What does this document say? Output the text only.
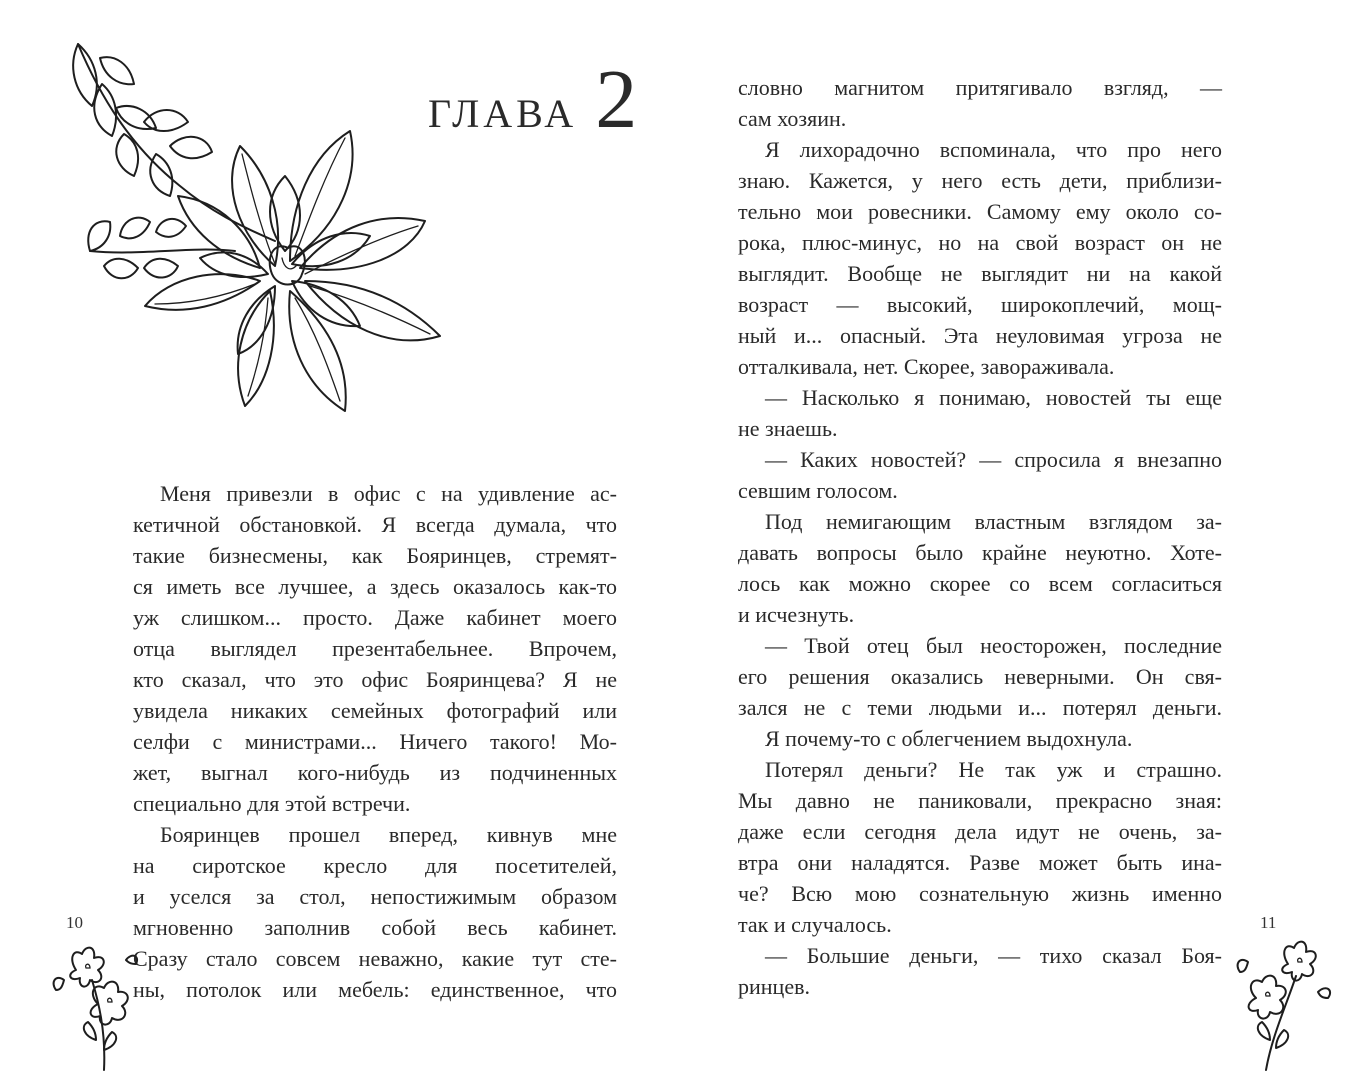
ГЛАВА 2
Меня привезли в офис с на удивление ас-
кетичной обстановкой. Я всегда думала, что
такие бизнесмены, как Бояринцев, стремят-
ся иметь все лучшее, а здесь оказалось как-то
уж слишком... просто. Даже кабинет моего
отца выглядел презентабельнее. Впрочем,
кто сказал, что это офис Бояринцева? Я не
увидела никаких семейных фотографий или
селфи с министрами... Ничего такого! Мо-
жет, выгнал кого-нибудь из подчиненных
специально для этой встречи.
Бояринцев прошел вперед, кивнув мне
на сиротское кресло для посетителей,
и уселся за стол, непостижимым образом
мгновенно заполнив собой весь кабинет.
Сразу стало совсем неважно, какие тут сте-
ны, потолок или мебель: единственное, что
10
словно магнитом притягивало взгляд, —
сам хозяин.
Я лихорадочно вспоминала, что про него
знаю. Кажется, у него есть дети, приблизи-
тельно мои ровесники. Самому ему около со-
рока, плюс-минус, но на свой возраст он не
выглядит. Вообще не выглядит ни на какой
возраст — высокий, широкоплечий, мощ-
ный и... опасный. Эта неуловимая угроза не
отталкивала, нет. Скорее, завораживала.
— Насколько я понимаю, новостей ты еще
не знаешь.
— Каких новостей? — спросила я внезапно
севшим голосом.
Под немигающим властным взглядом за-
давать вопросы было крайне неуютно. Хоте-
лось как можно скорее со всем согласиться
и исчезнуть.
— Твой отец был неосторожен, последние
его решения оказались неверными. Он свя-
зался не с теми людьми и... потерял деньги.
Я почему-то с облегчением выдохнула.
Потерял деньги? Не так уж и страшно.
Мы давно не паниковали, прекрасно зная:
даже если сегодня дела идут не очень, за-
втра они наладятся. Разве может быть ина-
че? Всю мою сознательную жизнь именно
так и случалось.
— Большие деньги, — тихо сказал Боя-
ринцев.
11
